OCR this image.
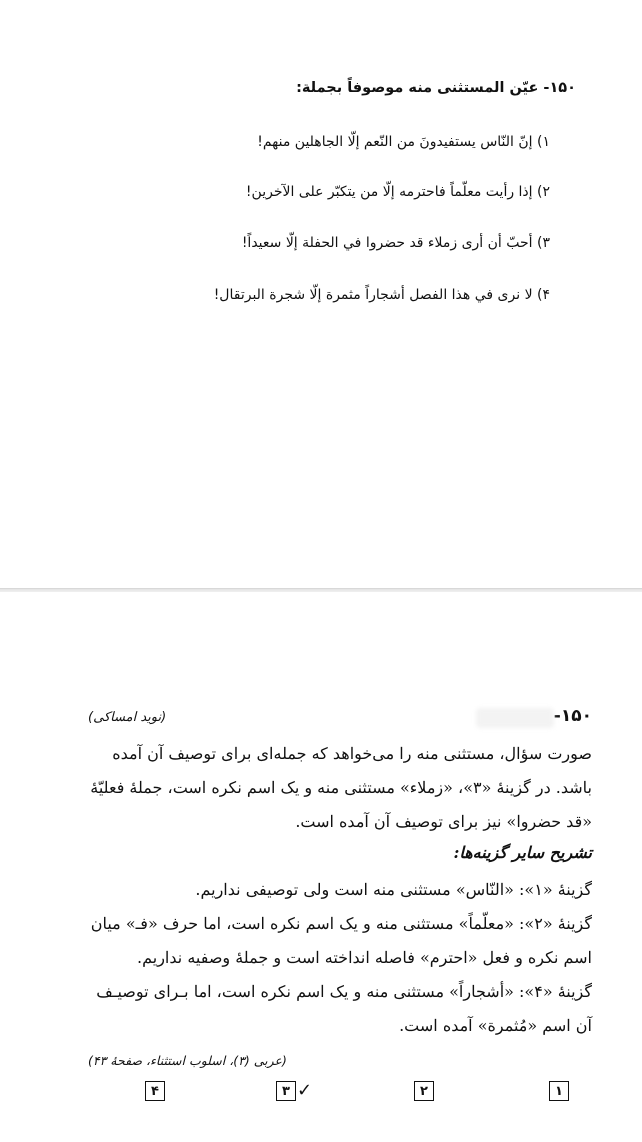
۱۵۰- عیّن المستثنی منه موصوفاً بجملة:
۱) إنّ النّاس یستفیدونَ من النّعم إلّا الجاهلین منهم!
۲) إذا رأیت معلّماً فاحترمه إلّا من یتکبّر علی الآخرین!
۳) أحبّ أن أری زملاء قد حضروا في الحفلة إلّا سعیداً!
۴) لا نری في هذا الفصل أشجاراً مثمرة إلّا شجرة البرتقال!
۱۵۰-
(نوید امساکی)
صورت سؤال، مستثنی منه را می‌خواهد که جمله‌ای برای توصیف آن آمده باشد. در گزینهٔ «۳»، «زملاء» مستثنی منه و یک اسم نکره است، جملهٔ فعلیّهٔ «قد حضروا» نیز برای توصیف آن آمده است.
تشریح سایر گزینه‌ها:
گزینهٔ «۱»: «النّاس» مستثنی منه است ولی توصیفی نداریم.
گزینهٔ «۲»: «معلّماً» مستثنی منه و یک اسم نکره است، اما حرف «فـ» میان اسم نکره و فعل «احترم» فاصله انداخته است و جملهٔ وصفیه نداریم.
گزینهٔ «۴»: «أشجاراً» مستثنی منه و یک اسم نکره است، اما بـرای توصیـف آن اسم «مُثمرة» آمده است.
(عربی (۳)، اسلوب استثناء، صفحهٔ ۴۳)
۱
۲
۳
۴	✓
